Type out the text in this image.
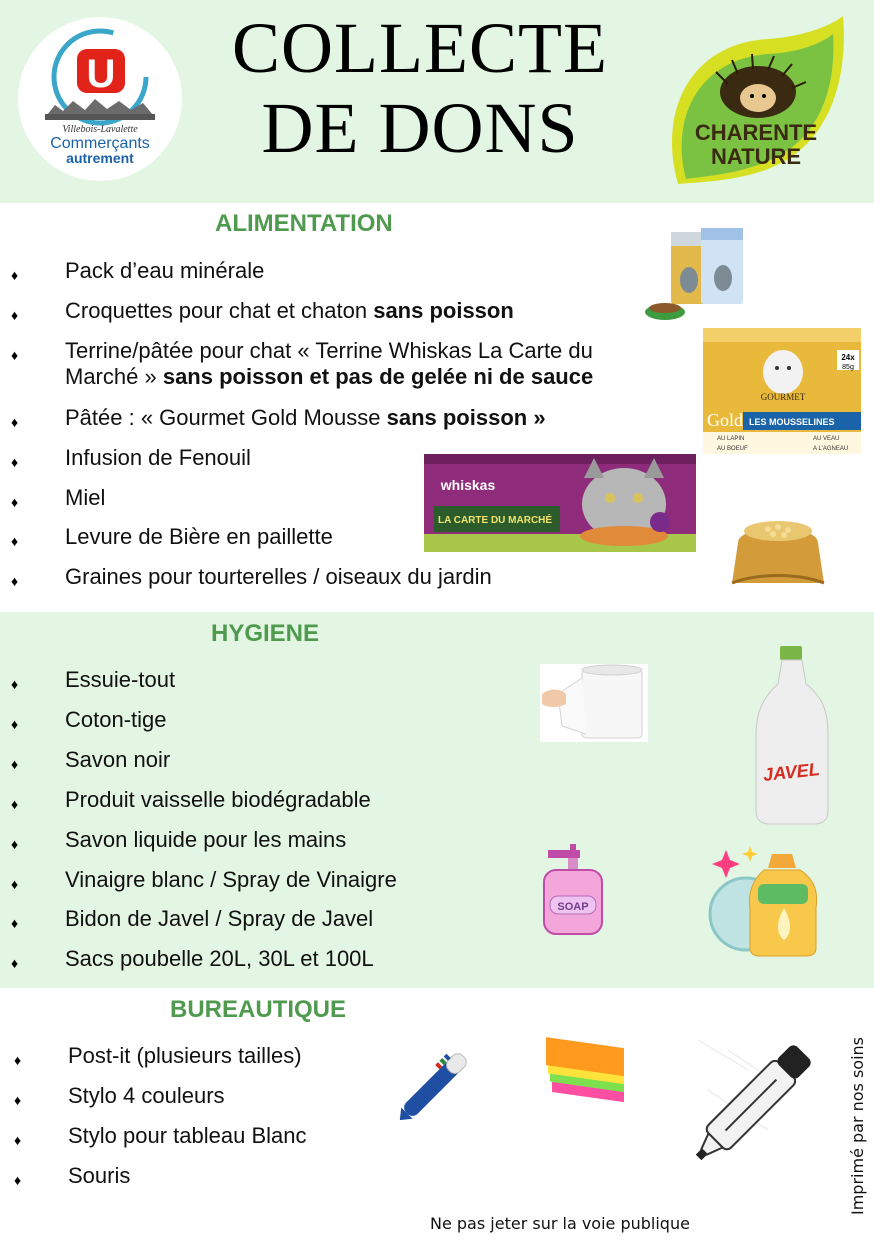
U
Villebois-Lavalette
Commerçants
autrement
COLLECTE
DE DONS	CHARENTE
NATURE
ALIMENTATION
♦ Pack d’eau minérale
♦ Croquettes pour chat et chaton sans poisson
♦ Terrine/pâtée pour chat « Terrine Whiskas La Carte du
Marché » sans poisson et pas de gelée ni de sauce
♦ Pâtée : « Gourmet Gold Mousse sans poisson »
♦ Infusion de Fenouil
♦ Miel
♦ Levure de Bière en paillette
♦ Graines pour tourterelles / oiseaux du jardin
24x
85g
GOURMET
Gold LES MOUSSELINES
AU LAPIN	AU VEAU
AU BOEUF	A L'AGNEAU
whiskas
LA CARTE DU MARCHÉ
HYGIENE
♦ Essuie-tout
♦ Coton-tige
♦ Savon noir
♦ Produit vaisselle biodégradable
♦ Savon liquide pour les mains
♦ Vinaigre blanc / Spray de Vinaigre
♦ Bidon de Javel / Spray de Javel
♦ Sacs poubelle 20L, 30L et 100L
JAVEL
SOAP
BUREAUTIQUE
♦ Post-it (plusieurs tailles)
♦ Stylo 4 couleurs
♦ Stylo pour tableau Blanc
♦ Souris
Ne pas jeter sur la voie publique
Imprimé par nos soins
